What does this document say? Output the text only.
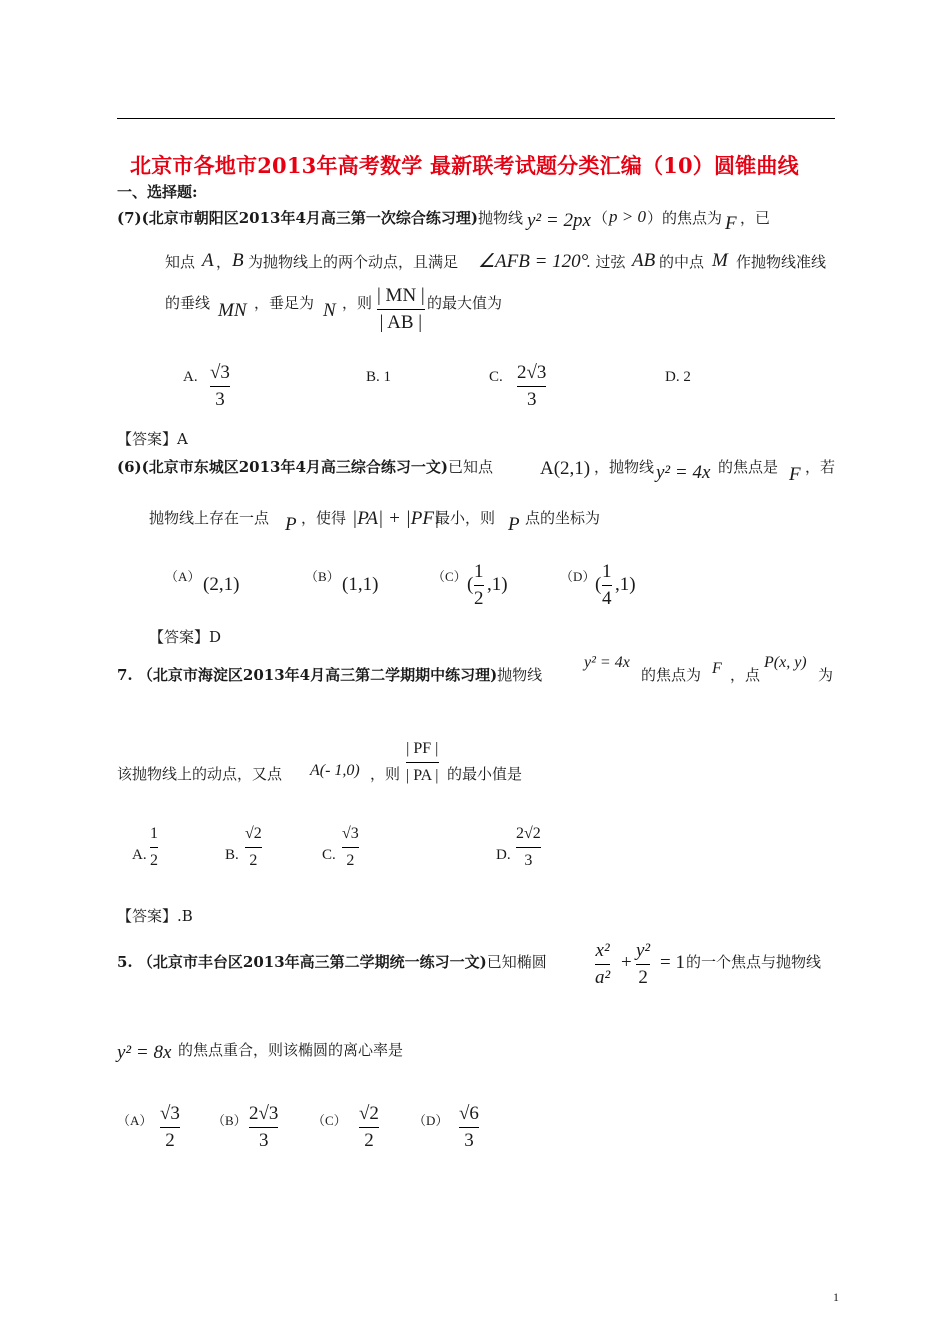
北京市各地市2013年高考数学 最新联考试题分类汇编（10）圆锥曲线
一、选择题:
(7)(北京市朝阳区2013年4月高三第一次综合练习理)抛物线 y² = 2px （
知点 A ， B 为抛物线上的两个动点，且满足 ∠AFB = 120°
. 过弦 AB 的中点 M 作抛物线准线
的垂线 MN ，垂足为 N ，则 | MN |
| AB |
的最大值为
A. √3
3
B. 1	C. 2√3
3
D. 2
【答案】A
(6)(北京市东城区2013年4月高三综合练习一文)已知点 A(2,1) ，抛物线 y² = 4x 的焦点是 F ，若
抛物线上存在一点 P ，使得 |PA| + |PF|
最小，则 P 点的坐标为
（A） (2,1)	（B） (1,1)	（C） (
1
2
,1)	（D） (
1
4
,1)
【答案】D
7. （北京市海淀区2013年4月高三第二学期期中练习理)抛物线
y² = 4x
的焦点为 F ，点
P(x, y)
为
该抛物线上的动点，又点 A(- 1,0) ，则
| PF |
| PA | 的最小值是
A.
1
2	B.
√2
2	C.
√3
2	D.
2√2
3
【答案】.B
5. （北京市丰台区2013年高三第二学期统一练习一文)已知椭圆
x²
a²
+
y²
2
= 1 的一个焦点与抛物线
y² = 8x 的焦点重合，则该椭圆的离心率是
（A） √3
2
（B） 2√3
3
（C） √2
2
（D） √6
3
1
p > 0 ）的焦点为 F ，已
